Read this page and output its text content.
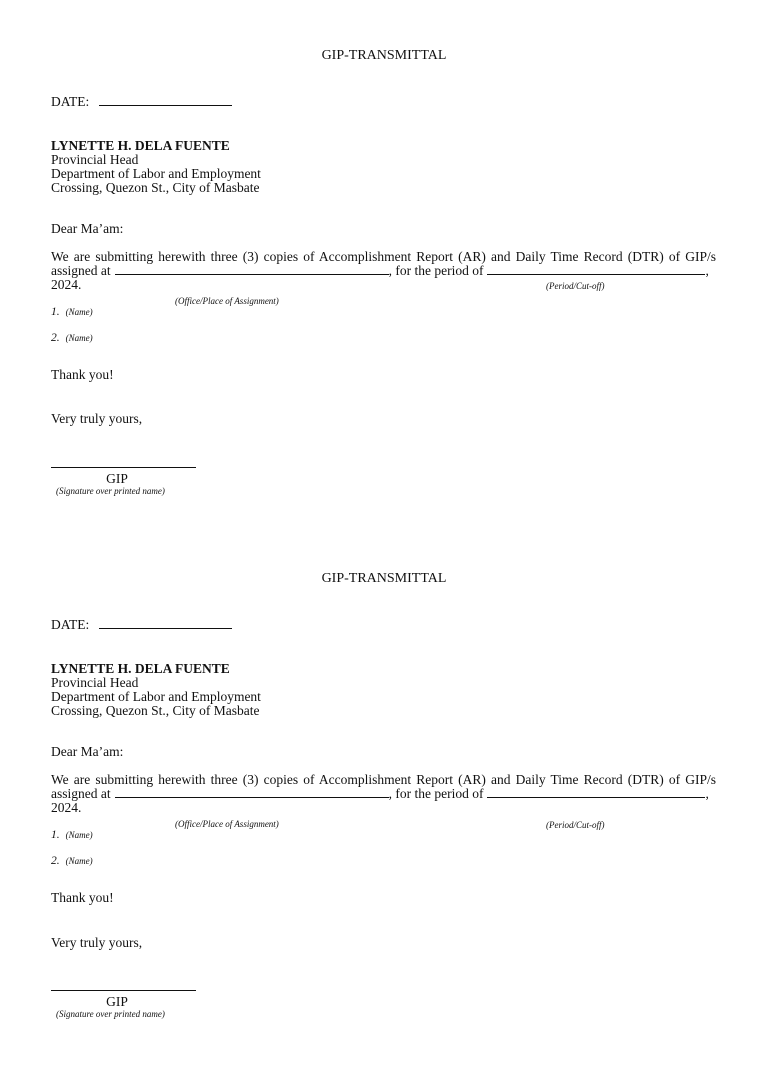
GIP-TRANSMITTAL
DATE:
LYNETTE H. DELA FUENTE
Provincial Head
Department of Labor and Employment
Crossing, Quezon St., City of Masbate
Dear Ma’am:
We are submitting herewith three (3) copies of Accomplishment Report (AR) and Daily Time Record (DTR) of GIP/s
assigned at	, for the period of	,
2024.	(Period/Cut-off)
(Office/Place of Assignment)
1. (Name)
2. (Name)
Thank you!
Very truly yours,
GIP
(Signature over printed name)
GIP-TRANSMITTAL
DATE:
LYNETTE H. DELA FUENTE
Provincial Head
Department of Labor and Employment
Crossing, Quezon St., City of Masbate
Dear Ma’am:
We are submitting herewith three (3) copies of Accomplishment Report (AR) and Daily Time Record (DTR) of GIP/s
assigned at	, for the period of	,
2024.
(Office/Place of Assignment)	(Period/Cut-off)
1. (Name)
2. (Name)
Thank you!
Very truly yours,
GIP
(Signature over printed name)
